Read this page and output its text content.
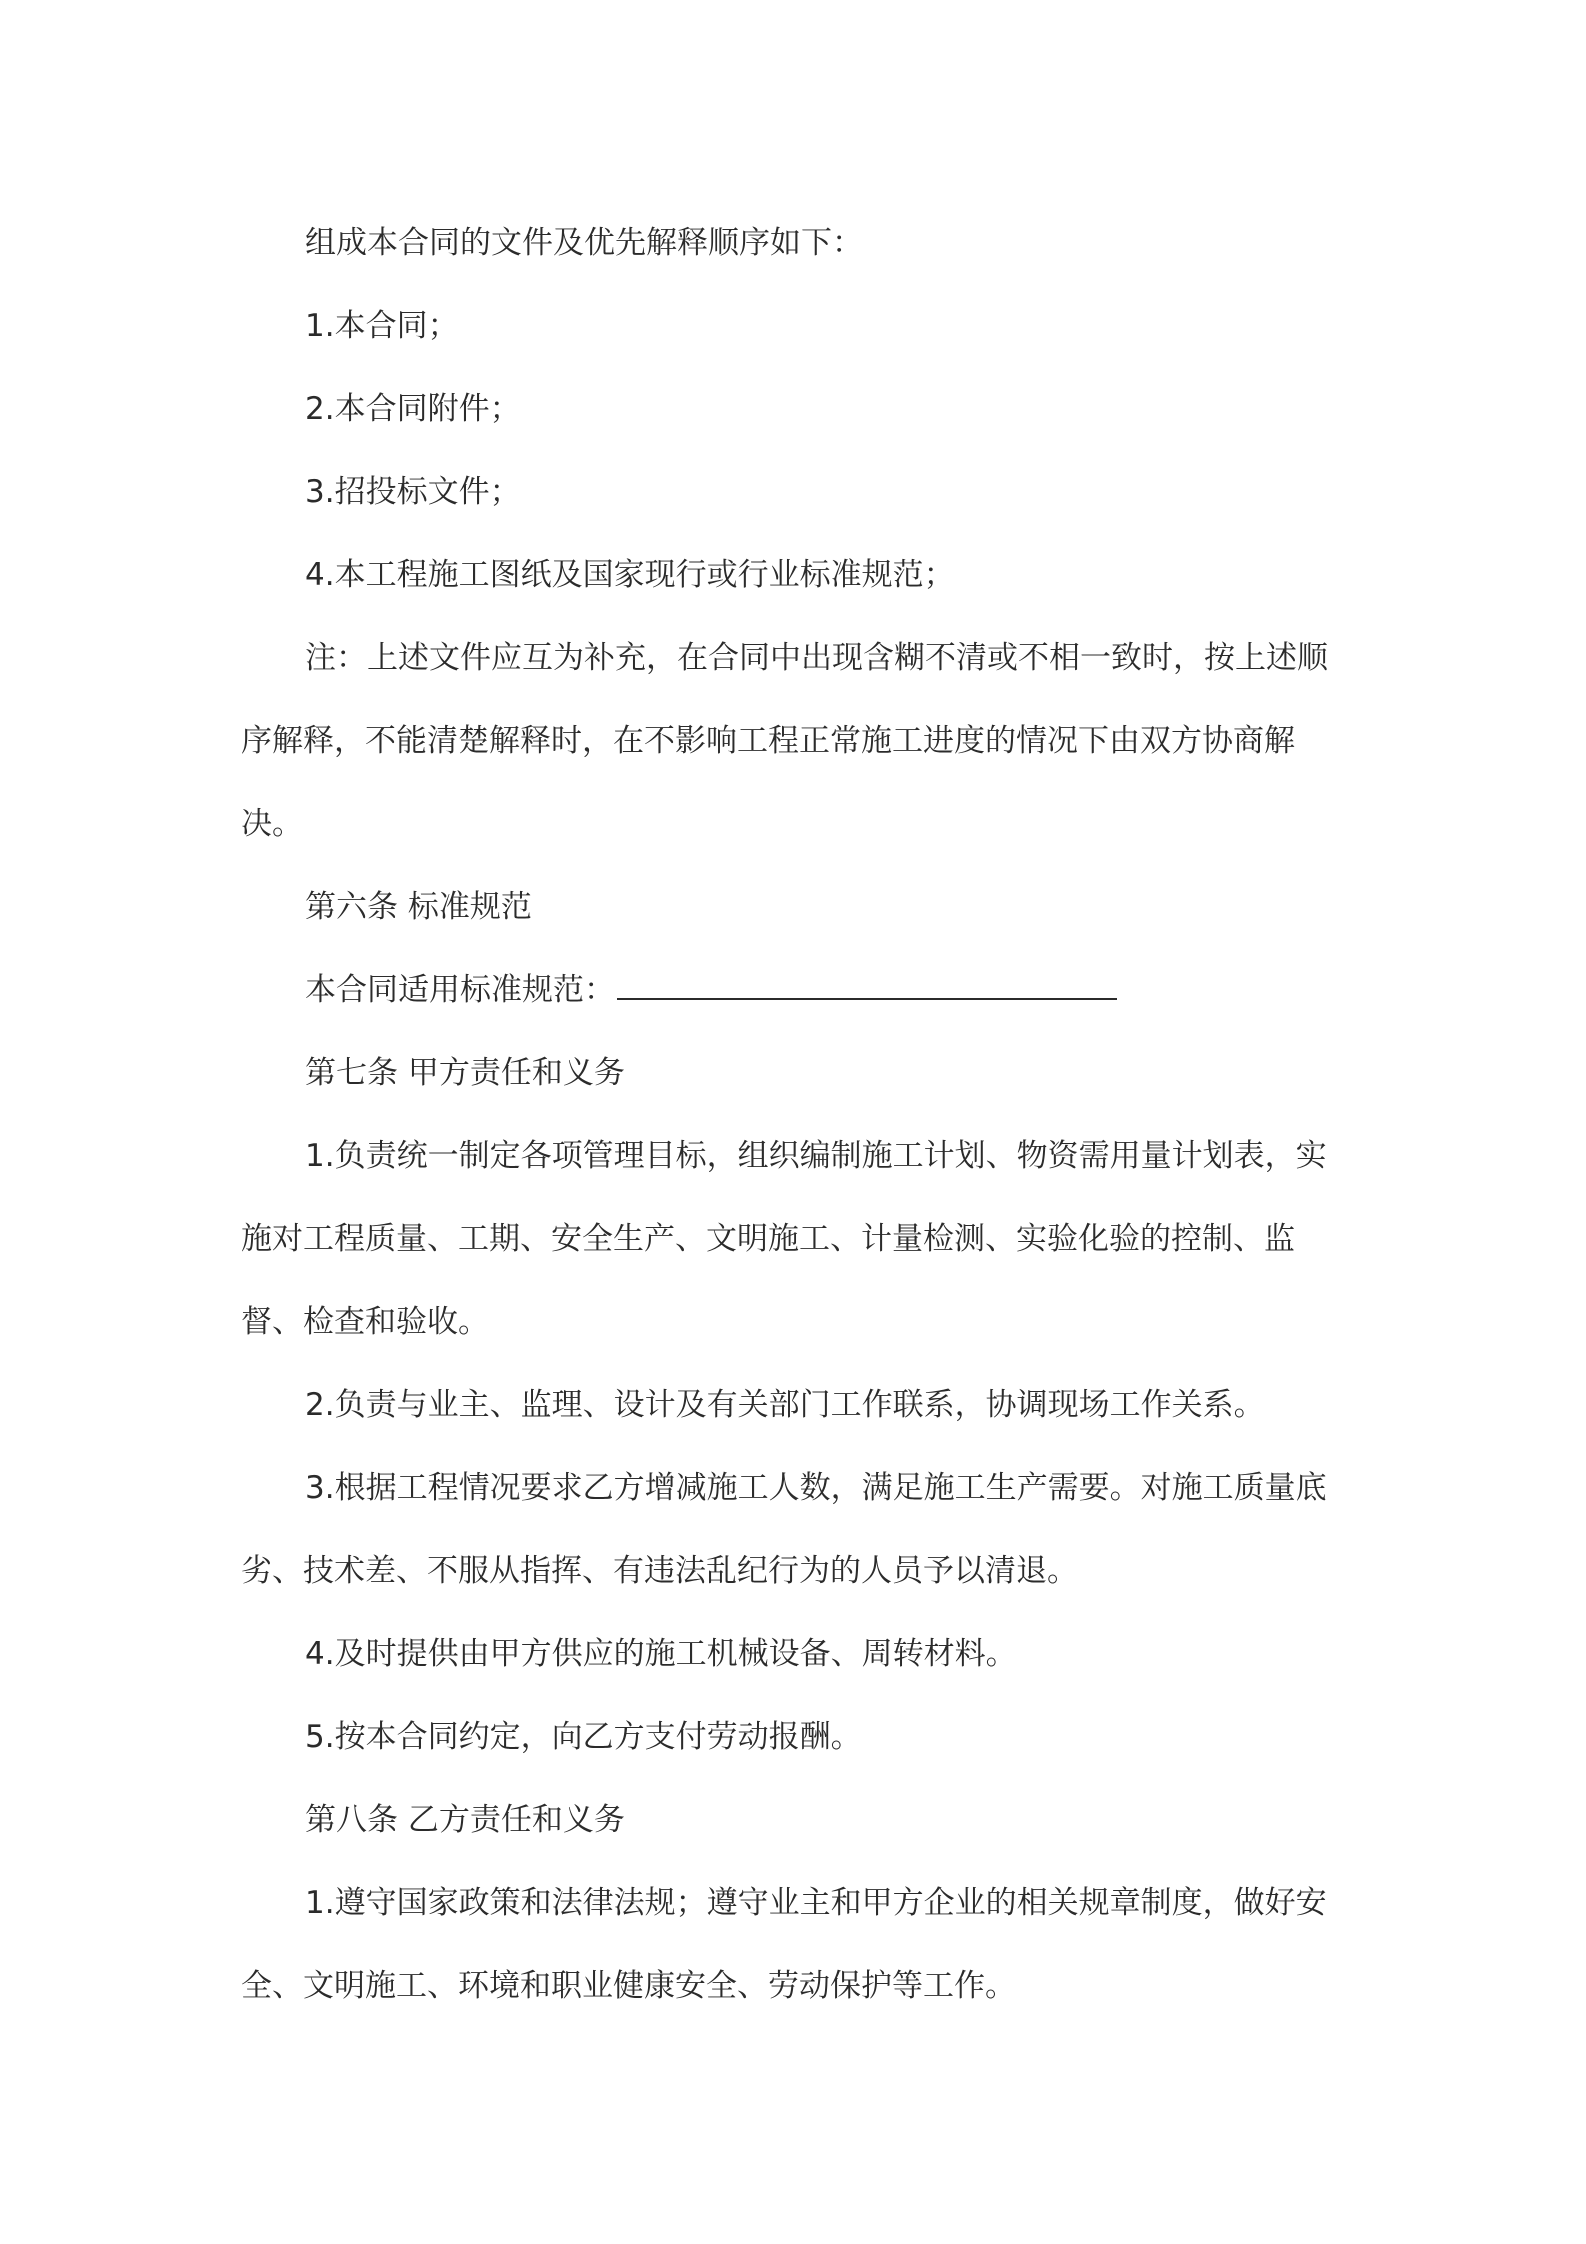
组成本合同的文件及优先解释顺序如下：

1.本合同；

2.本合同附件；

3.招投标文件；

4.本工程施工图纸及国家现行或行业标准规范；

注：上述文件应互为补充，在合同中出现含糊不清或不相一致时，按上述顺序解释，不能清楚解释时，在不影响工程正常施工进度的情况下由双方协商解决。

第六条 标准规范

本合同适用标准规范：

第七条 甲方责任和义务

1.负责统一制定各项管理目标，组织编制施工计划、物资需用量计划表，实施对工程质量、工期、安全生产、文明施工、计量检测、实验化验的控制、监督、检查和验收。

2.负责与业主、监理、设计及有关部门工作联系，协调现场工作关系。

3.根据工程情况要求乙方增减施工人数，满足施工生产需要。对施工质量底劣、技术差、不服从指挥、有违法乱纪行为的人员予以清退。

4.及时提供由甲方供应的施工机械设备、周转材料。

5.按本合同约定，向乙方支付劳动报酬。

第八条 乙方责任和义务

1.遵守国家政策和法律法规；遵守业主和甲方企业的相关规章制度，做好安全、文明施工、环境和职业健康安全、劳动保护等工作。
